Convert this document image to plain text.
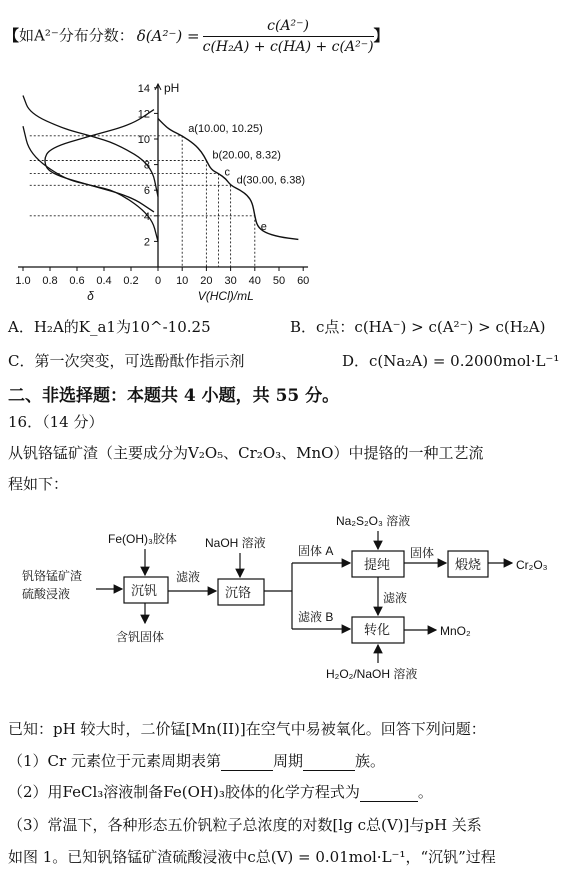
【如A²⁻分布分数： $\delta(A^{2-}) = \frac{\text{c(A²⁻)}}{\text{c(H₂A) + c(HA) + c(A²⁻)}}$ 】
2
4
6
8
10
12
14 pH
1.0 0.8 0.6 0.4 0.2 0
δ
10 20 30 40 50 60
V(HCl)/mL
a(10.00, 10.25)
b(20.00, 8.32)
c
d(30.00, 6.38)
e
A．H₂A的K_a1为10^-10.25	B．c点：c(HA⁻) > c(A²⁻) > c(H₂A)
C．第一次突变，可选酚酞作指示剂	D．c(Na₂A) = 0.2000mol·L⁻¹
二、非选择题：本题共 4 小题，共 55 分。
16．（14 分）
从钒铬锰矿渣（主要成分为V₂O₅、Cr₂O₃、MnO）中提铬的一种工艺流
程如下：
钒铬锰矿渣
硫酸浸液
Fe(OH)₃胶体 NaOH 溶液
沉钒
滤液
沉铬
含钒固体
固体 A
滤液 B
Na₂S₂O₃ 溶液
提纯
固体
煅烧	Cr₂O₃
滤液
转化	MnO₂
H₂O₂/NaOH 溶液
已知：pH 较大时，二价锰[Mn(II)]在空气中易被氧化。回答下列问题：
（1）Cr 元素位于元素周期表第	周期	族。
（2）用FeCl₃溶液制备Fe(OH)₃胶体的化学方程式为	。
（3）常温下，各种形态五价钒粒子总浓度的对数[lg c总(V)]与pH 关系
如图 1。已知钒铬锰矿渣硫酸浸液中c总(V) = 0.01mol·L⁻¹，“沉钒”过程
